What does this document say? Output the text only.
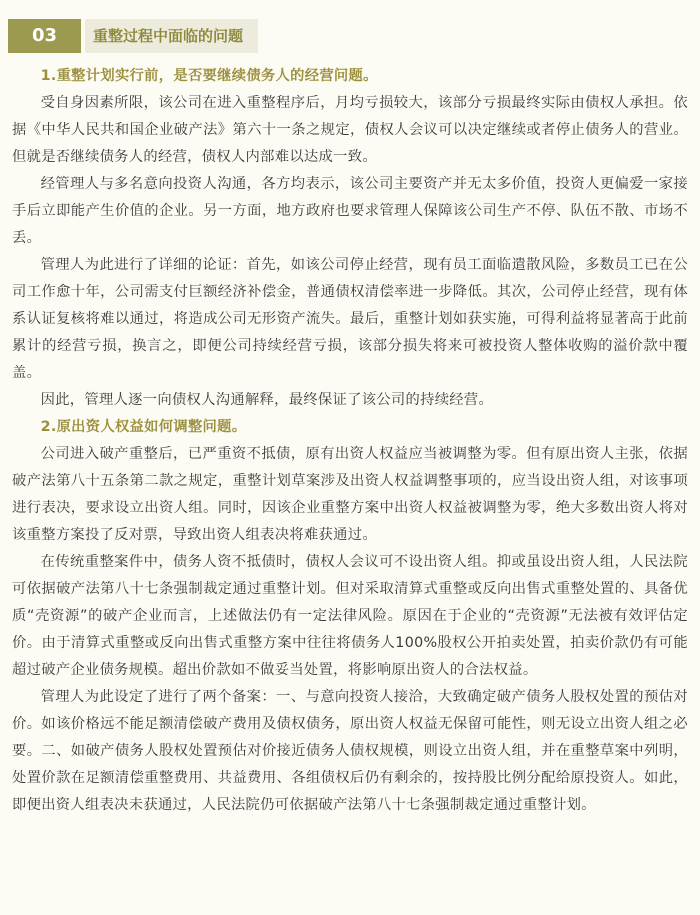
03	重整过程中面临的问题

1.重整计划实行前，是否要继续债务人的经营问题。

受自身因素所限，该公司在进入重整程序后，月均亏损较大，该部分亏损最终实际由债权人承担。依据《中华人民共和国企业破产法》第六十一条之规定，债权人会议可以决定继续或者停止债务人的营业。但就是否继续债务人的经营，债权人内部难以达成一致。

经管理人与多名意向投资人沟通，各方均表示，该公司主要资产并无太多价值，投资人更偏爱一家接手后立即能产生价值的企业。另一方面，地方政府也要求管理人保障该公司生产不停、队伍不散、市场不丢。

管理人为此进行了详细的论证：首先，如该公司停止经营，现有员工面临遣散风险，多数员工已在公司工作愈十年，公司需支付巨额经济补偿金，普通债权清偿率进一步降低。其次，公司停止经营，现有体系认证复核将难以通过，将造成公司无形资产流失。最后，重整计划如获实施，可得利益将显著高于此前累计的经营亏损，换言之，即便公司持续经营亏损，该部分损失将来可被投资人整体收购的溢价款中覆盖。

因此，管理人逐一向债权人沟通解释，最终保证了该公司的持续经营。

2.原出资人权益如何调整问题。

公司进入破产重整后，已严重资不抵债，原有出资人权益应当被调整为零。但有原出资人主张，依据破产法第八十五条第二款之规定，重整计划草案涉及出资人权益调整事项的，应当设出资人组，对该事项进行表决，要求设立出资人组。同时，因该企业重整方案中出资人权益被调整为零，绝大多数出资人将对该重整方案投了反对票，导致出资人组表决将难获通过。

在传统重整案件中，债务人资不抵债时，债权人会议可不设出资人组。抑或虽设出资人组，人民法院可依据破产法第八十七条强制裁定通过重整计划。但对采取清算式重整或反向出售式重整处置的、具备优质“壳资源”的破产企业而言，上述做法仍有一定法律风险。原因在于企业的“壳资源”无法被有效评估定价。由于清算式重整或反向出售式重整方案中往往将债务人100%股权公开拍卖处置，拍卖价款仍有可能超过破产企业债务规模。超出价款如不做妥当处置，将影响原出资人的合法权益。

管理人为此设定了进行了两个备案：一、与意向投资人接洽，大致确定破产债务人股权处置的预估对价。如该价格远不能足额清偿破产费用及债权债务，原出资人权益无保留可能性，则无设立出资人组之必要。二、如破产债务人股权处置预估对价接近债务人债权规模，则设立出资人组，并在重整草案中列明，处置价款在足额清偿重整费用、共益费用、各组债权后仍有剩余的，按持股比例分配给原投资人。如此，即便出资人组表决未获通过，人民法院仍可依据破产法第八十七条强制裁定通过重整计划。
